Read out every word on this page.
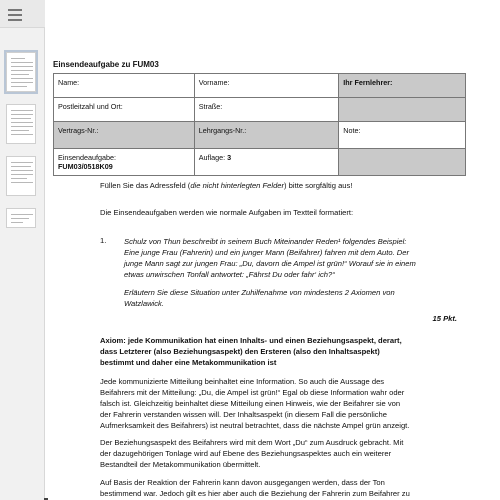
Einsendeaufgabe zu FUM03
Name:	Vorname:	Ihr Fernlehrer:
Postleitzahl und Ort:	Straße:	
Vertrags-Nr.:	Lehrgangs-Nr.:	Note:

Einsendeaufgabe:
FUM03/0518K09	Auflage: 3	
Füllen Sie das Adressfeld (die nicht hinterlegten Felder) bitte sorgfältig aus!
Die Einsendeaufgaben werden wie normale Aufgaben im Textteil formatiert:
1. Schulz von Thun beschreibt in seinem Buch Miteinander Reden¹ folgendes Beispiel:
Eine junge Frau (Fahrerin) und ein junger Mann (Beifahrer) fahren mit dem Auto. Der
junge Mann sagt zur jungen Frau: „Du, davorn die Ampel ist grün!“ Worauf sie in einem
etwas unwirschen Tonfall antwortet: „Fährst Du oder fahr‘ ich?“
Erläutern Sie diese Situation unter Zuhilfenahme von mindestens 2 Axiomen von
Watzlawick.
15 Pkt.
Axiom: jede Kommunikation hat einen Inhalts- und einen Beziehungsaspekt, derart,
dass Letzterer (also Beziehungsaspekt) den Ersteren (also den Inhaltsaspekt)
bestimmt und daher eine Metakommunikation ist
Jede kommunizierte Mitteilung beinhaltet eine Information. So auch die Aussage des
Beifahrers mit der Mitteilung: „Du, die Ampel ist grün!“ Egal ob diese Information wahr oder
falsch ist. Gleichzeitig beinhaltet diese Mitteilung einen Hinweis, wie der Beifahrer sie von
der Fahrerin verstanden wissen will. Der Inhaltsaspekt (in diesem Fall die persönliche
Aufmerksamkeit des Beifahrers) ist neutral betrachtet, dass die nächste Ampel grün anzeigt.
Der Beziehungsaspekt des Beifahrers wird mit dem Wort „Du“ zum Ausdruck gebracht. Mit
der dazugehörigen Tonlage wird auf Ebene des Beziehungsaspektes auch ein weiterer
Bestandteil der Metakommunikation übermittelt.
Auf Basis der Reaktion der Fahrerin kann davon ausgegangen werden, dass der Ton
bestimmend war. Jedoch gilt es hier aber auch die Beziehung der Fahrerin zum Beifahrer zu
